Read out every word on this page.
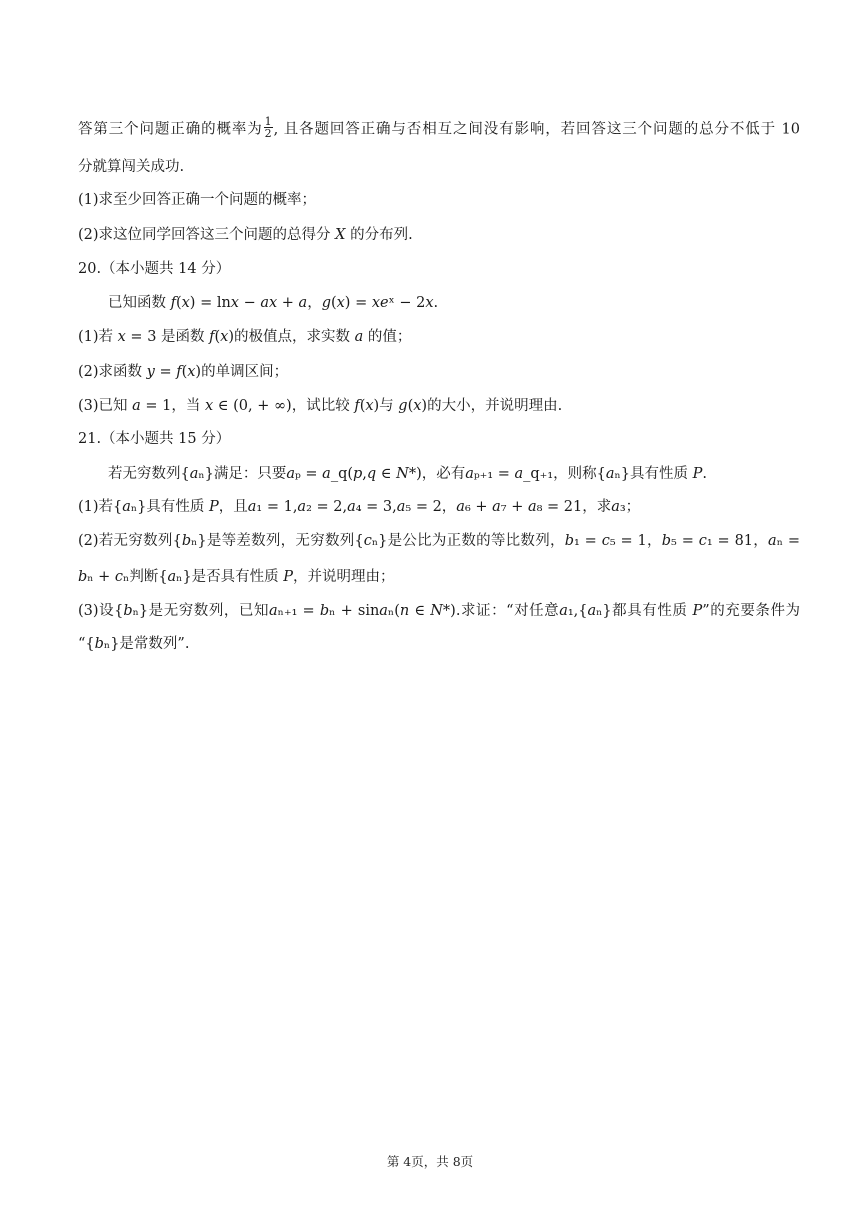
答第三个问题正确的概率为 $\frac{1}{2}$ , 且各题回答正确与否相互之间没有影响，若回答这三个问题的总分不低于 10
分就算闯关成功.
(1)求至少回答正确一个问题的概率；
(2)求这位同学回答这三个问题的总得分 𝑋 的分布列.
20.（本小题共 14 分）
已知函数 𝑓(𝑥) = ln𝑥 − 𝑎𝑥 + 𝑎，𝑔(𝑥) = 𝑥𝑒ˣ − 2𝑥.
(1)若 𝑥 = 3 是函数 𝑓(𝑥)的极值点，求实数 𝑎 的值；
(2)求函数 𝑦 = 𝑓(𝑥)的单调区间；
(3)已知 𝑎 = 1，当 𝑥 ∈ (0, + ∞)，试比较 𝑓(𝑥)与 𝑔(𝑥)的大小，并说明理由.
21.（本小题共 15 分）
若无穷数列{𝑎ₙ}满足：只要𝑎ₚ = 𝑎_q(𝑝,𝑞 ∈ 𝑁*)，必有𝑎ₚ₊₁ = 𝑎_q₊₁，则称{𝑎ₙ}具有性质 𝑃.
(1)若{𝑎ₙ}具有性质 𝑃，且𝑎₁ = 1,𝑎₂ = 2,𝑎₄ = 3,𝑎₅ = 2，𝑎₆ + 𝑎₇ + 𝑎₈ = 21，求𝑎₃；
(2)若无穷数列{𝑏ₙ}是等差数列，无穷数列{𝑐ₙ}是公比为正数的等比数列，𝑏₁ = 𝑐₅ = 1，𝑏₅ = 𝑐₁ = 81，𝑎ₙ =
𝑏ₙ + 𝑐ₙ判断{𝑎ₙ}是否具有性质 𝑃，并说明理由；
(3)设{𝑏ₙ}是无穷数列，已知𝑎ₙ₊₁ = 𝑏ₙ + sin𝑎ₙ(𝑛 ∈ 𝑁*).求证：“对任意𝑎₁,{𝑎ₙ}都具有性质 𝑃”的充要条件为
“{𝑏ₙ}是常数列”.
第 4页，共 8页
